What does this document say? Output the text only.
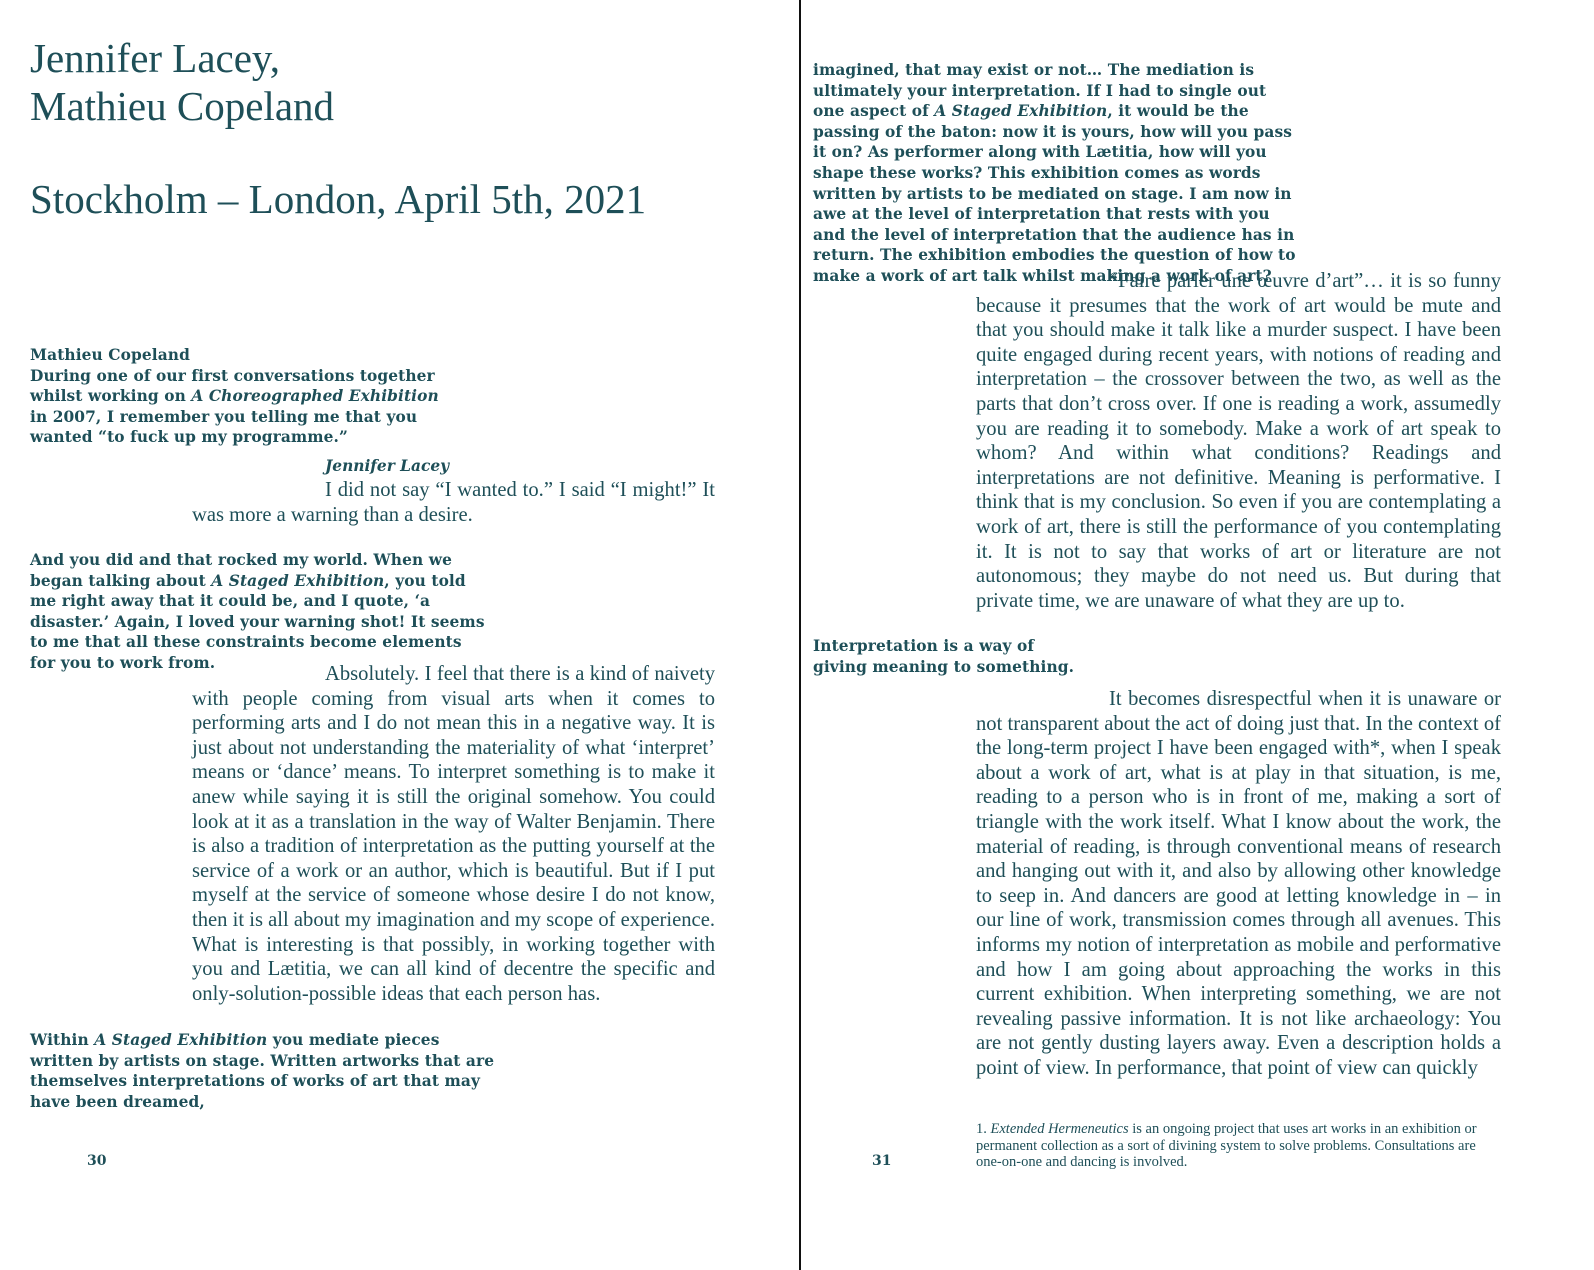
Jennifer Lacey,
Mathieu Copeland
Stockholm – London, April 5th, 2021

Mathieu Copeland
During one of our first conversations together whilst working on A Choreographed Exhibition in 2007, I remember you telling me that you wanted “to fuck up my programme.”

Jennifer Lacey

I did not say “I wanted to.” I said “I might!” It was more a warning than a desire.

And you did and that rocked my world. When we began talking about A Staged Exhibition, you told me right away that it could be, and I quote, ‘a disaster.’ Again, I loved your warning shot! It seems to me that all these constraints become elements for you to work from.

Absolutely. I feel that there is a kind of naivety with people coming from visual arts when it comes to performing arts and I do not mean this in a negative way. It is just about not understanding the materiality of what ‘interpret’ means or ‘dance’ means. To interpret something is to make it anew while saying it is still the original somehow. You could look at it as a translation in the way of Walter Benjamin. There is also a tradition of interpretation as the putting yourself at the service of a work or an author, which is beautiful. But if I put myself at the service of someone whose desire I do not know, then it is all about my imagination and my scope of experience. What is interesting is that possibly, in working together with you and Lætitia, we can all kind of decentre the specific and only-solution-possible ideas that each person has.

Within A Staged Exhibition you mediate pieces written by artists on stage. Written artworks that are themselves interpretations of works of art that may have been dreamed,

30

imagined, that may exist or not… The mediation is ultimately your interpretation. If I had to single out one aspect of A Staged Exhibition, it would be the passing of the baton: now it is yours, how will you pass it on? As performer along with Lætitia, how will you shape these works? This exhibition comes as words written by artists to be mediated on stage. I am now in awe at the level of interpretation that rests with you and the level of interpretation that the audience has in return. The exhibition embodies the question of how to make a work of art talk whilst making a work of art?

“Faire parler une œuvre d’art”… it is so funny because it presumes that the work of art would be mute and that you should make it talk like a murder suspect. I have been quite engaged during recent years, with notions of reading and interpretation – the crossover between the two, as well as the parts that don’t cross over. If one is reading a work, assumedly you are reading it to somebody. Make a work of art speak to whom? And within what conditions? Readings and interpretations are not definitive. Meaning is performative. I think that is my conclusion. So even if you are contemplating a work of art, there is still the performance of you contemplating it. It is not to say that works of art or literature are not autonomous; they maybe do not need us. But during that private time, we are unaware of what they are up to.

Interpretation is a way of giving meaning to something.

It becomes disrespectful when it is unaware or not transparent about the act of doing just that. In the context of the long-term project I have been engaged with*, when I speak about a work of art, what is at play in that situation, is me, reading to a person who is in front of me, making a sort of triangle with the work itself. What I know about the work, the material of reading, is through conventional means of research and hanging out with it, and also by allowing other knowledge to seep in. And dancers are good at letting knowledge in – in our line of work, transmission comes through all avenues. This informs my notion of interpretation as mobile and performative and how I am going about approaching the works in this current exhibition. When interpreting something, we are not revealing passive information. It is not like archaeology: You are not gently dusting layers away. Even a description holds a point of view. In performance, that point of view can quickly

1. Extended Hermeneutics is an ongoing project that uses art works in an exhibition or permanent collection as a sort of divining system to solve problems. Consultations are one-on-one and dancing is involved.

31
